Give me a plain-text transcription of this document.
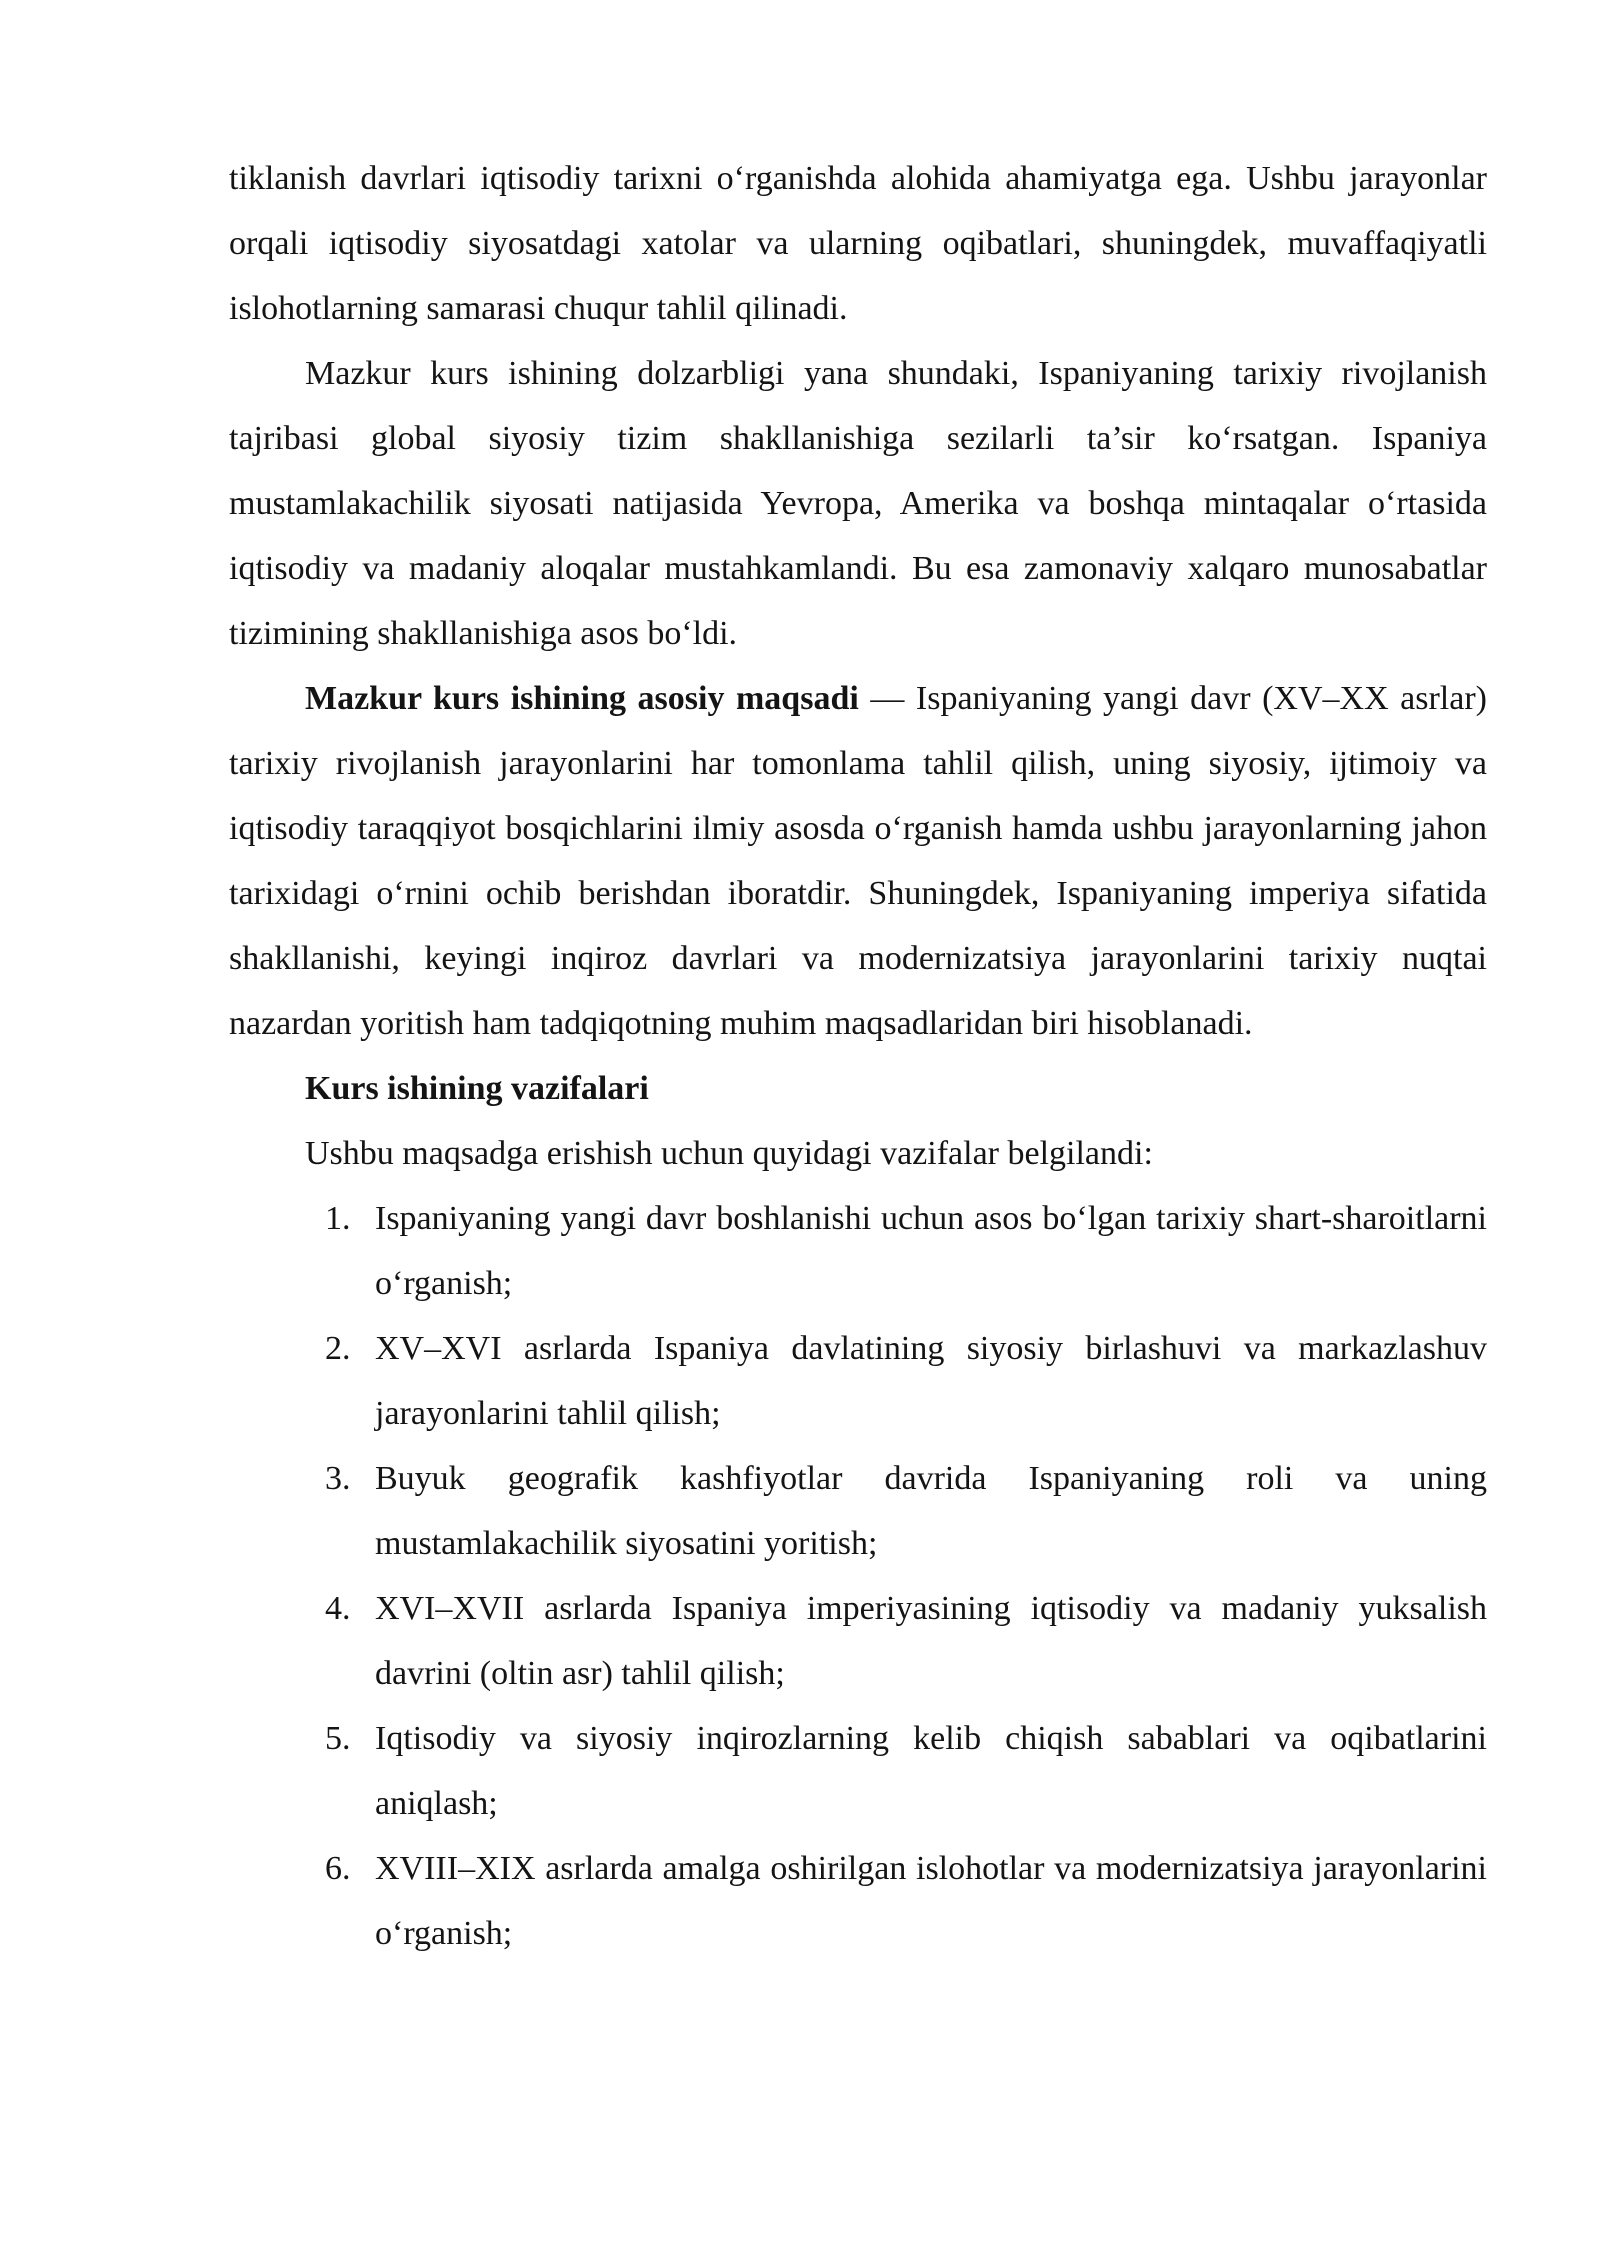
tiklanish davrlari iqtisodiy tarixni o‘rganishda alohida ahamiyatga ega. Ushbu jarayonlar orqali iqtisodiy siyosatdagi xatolar va ularning oqibatlari, shuningdek, muvaffaqiyatli islohotlarning samarasi chuqur tahlil qilinadi.

Mazkur kurs ishining dolzarbligi yana shundaki, Ispaniyaning tarixiy rivojlanish tajribasi global siyosiy tizim shakllanishiga sezilarli ta’sir ko‘rsatgan. Ispaniya mustamlakachilik siyosati natijasida Yevropa, Amerika va boshqa mintaqalar o‘rtasida iqtisodiy va madaniy aloqalar mustahkamlandi. Bu esa zamonaviy xalqaro munosabatlar tizimining shakllanishiga asos bo‘ldi.

Mazkur kurs ishining asosiy maqsadi — Ispaniyaning yangi davr (XV–XX asrlar) tarixiy rivojlanish jarayonlarini har tomonlama tahlil qilish, uning siyosiy, ijtimoiy va iqtisodiy taraqqiyot bosqichlarini ilmiy asosda o‘rganish hamda ushbu jarayonlarning jahon tarixidagi o‘rnini ochib berishdan iboratdir. Shuningdek, Ispaniyaning imperiya sifatida shakllanishi, keyingi inqiroz davrlari va modernizatsiya jarayonlarini tarixiy nuqtai nazardan yoritish ham tadqiqotning muhim maqsadlaridan biri hisoblanadi.

Kurs ishining vazifalari

Ushbu maqsadga erishish uchun quyidagi vazifalar belgilandi:

1. Ispaniyaning yangi davr boshlanishi uchun asos bo‘lgan tarixiy shart-sharoitlarni o‘rganish;
2. XV–XVI asrlarda Ispaniya davlatining siyosiy birlashuvi va markazlashuv jarayonlarini tahlil qilish;
3. Buyuk geografik kashfiyotlar davrida Ispaniyaning roli va uning mustamlakachilik siyosatini yoritish;
4. XVI–XVII asrlarda Ispaniya imperiyasining iqtisodiy va madaniy yuksalish davrini (oltin asr) tahlil qilish;
5. Iqtisodiy va siyosiy inqirozlarning kelib chiqish sabablari va oqibatlarini aniqlash;
6. XVIII–XIX asrlarda amalga oshirilgan islohotlar va modernizatsiya jarayonlarini o‘rganish;
